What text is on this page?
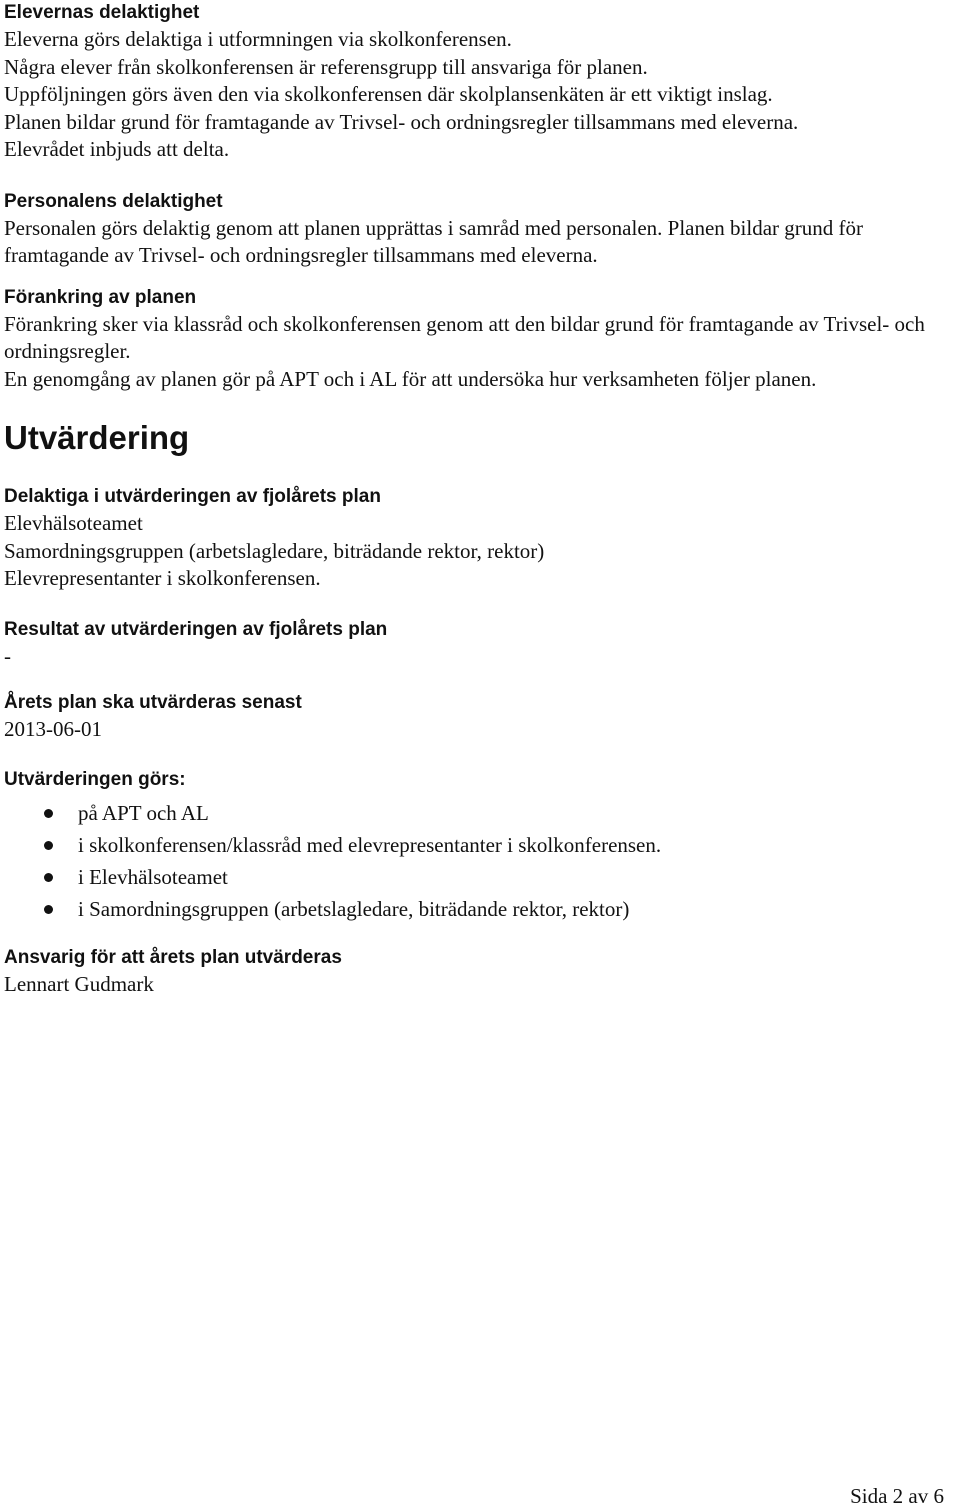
Elevernas delaktighet

Eleverna görs delaktiga i utformningen via skolkonferensen.

Några elever från skolkonferensen är referensgrupp till ansvariga för planen.

Uppföljningen görs även den via skolkonferensen där skolplansenkäten är ett viktigt inslag.

Planen bildar grund för framtagande av Trivsel- och ordningsregler tillsammans med eleverna.

Elevrådet inbjuds att delta.

Personalens delaktighet

Personalen görs delaktig genom att planen upprättas i samråd med personalen. Planen bildar grund för framtagande av Trivsel- och ordningsregler tillsammans med eleverna.

Förankring av planen

Förankring sker via klassråd och skolkonferensen genom att den bildar grund för framtagande av Trivsel- och ordningsregler.

En genomgång av planen gör på APT och i AL för att undersöka hur verksamheten följer planen.

Utvärdering
Delaktiga i utvärderingen av fjolårets plan

Elevhälsoteamet

Samordningsgruppen (arbetslagledare, biträdande rektor, rektor)

Elevrepresentanter i skolkonferensen.

Resultat av utvärderingen av fjolårets plan

-

Årets plan ska utvärderas senast

2013-06-01

Utvärderingen görs:
på APT och AL
i skolkonferensen/klassråd med elevrepresentanter i skolkonferensen.
i Elevhälsoteamet
i Samordningsgruppen (arbetslagledare, biträdande rektor, rektor)
Ansvarig för att årets plan utvärderas

Lennart Gudmark

Sida 2 av 6
